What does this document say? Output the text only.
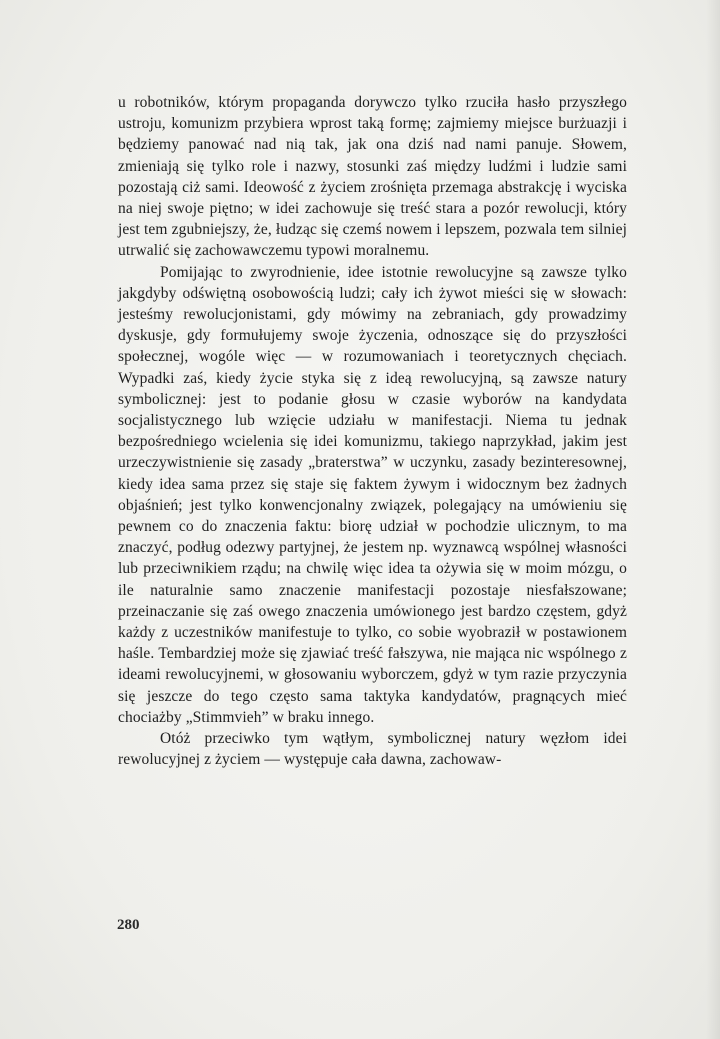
u robotników, którym propaganda dorywczo tylko rzuciła hasło przyszłego ustroju, komunizm przybiera wprost taką formę; zajmiemy miejsce burżuazji i będziemy panować nad nią tak, jak ona dziś nad nami panuje. Słowem, zmieniają się tylko role i nazwy, stosunki zaś między ludźmi i ludzie sami pozostają ciż sami. Ideowość z życiem zrośnięta przemaga abstrakcję i wyciska na niej swoje piętno; w idei zachowuje się treść stara a pozór rewolucji, który jest tem zgubniejszy, że, łudząc się czemś nowem i lepszem, pozwala tem silniej utrwalić się zachowawczemu typowi moralnemu.

Pomijając to zwyrodnienie, idee istotnie rewolucyjne są zawsze tylko jakgdyby odświętną osobowością ludzi; cały ich żywot mieści się w słowach: jesteśmy rewolucjonistami, gdy mówimy na zebraniach, gdy prowadzimy dyskusje, gdy formułujemy swoje życzenia, odnoszące się do przyszłości społecznej, wogóle więc — w rozumowaniach i teoretycznych chęciach. Wypadki zaś, kiedy życie styka się z ideą rewolucyjną, są zawsze natury symbolicznej: jest to podanie głosu w czasie wyborów na kandydata socjalistycznego lub wzięcie udziału w manifestacji. Niema tu jednak bezpośredniego wcielenia się idei komunizmu, takiego naprzykład, jakim jest urzeczywistnienie się zasady „braterstwa” w uczynku, zasady bezinteresownej, kiedy idea sama przez się staje się faktem żywym i widocznym bez żadnych objaśnień; jest tylko konwencjonalny związek, polegający na umówieniu się pewnem co do znaczenia faktu: biorę udział w pochodzie ulicznym, to ma znaczyć, podług odezwy partyjnej, że jestem np. wyznawcą wspólnej własności lub przeciwnikiem rządu; na chwilę więc idea ta ożywia się w moim mózgu, o ile naturalnie samo znaczenie manifestacji pozostaje niesfałszowane; przeinaczanie się zaś owego znaczenia umówionego jest bardzo częstem, gdyż każdy z uczestników manifestuje to tylko, co sobie wyobraził w postawionem haśle. Tembardziej może się zjawiać treść fałszywa, nie mająca nic wspólnego z ideami rewolucyjnemi, w głosowaniu wyborczem, gdyż w tym razie przyczynia się jeszcze do tego często sama taktyka kandydatów, pragnących mieć chociażby „Stimmvieh” w braku innego.

Otóż przeciwko tym wątłym, symbolicznej natury węzłom idei rewolucyjnej z życiem — występuje cała dawna, zachowaw-

280
